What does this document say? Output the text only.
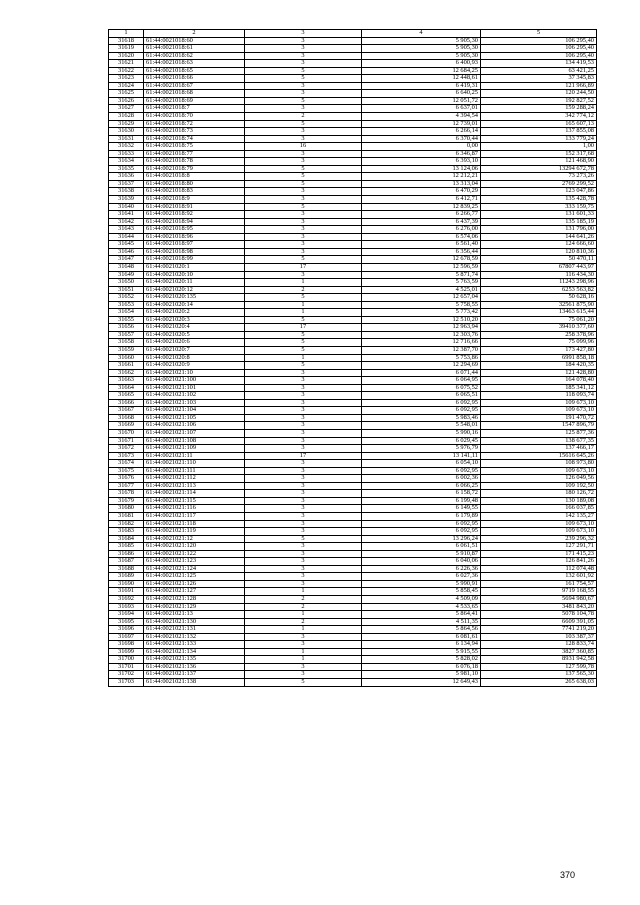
1	2	3	4	5
31618	61:44:0021018:60	3	5 905,30	106 295,40
31619	61:44:0021018:61	3	5 905,30	106 295,40
31620	61:44:0021018:62	3	5 905,30	106 295,40
31621	61:44:0021018:63	3	6 400,93	134 419,53
31622	61:44:0021018:65	5	12 684,25	63 421,25
31623	61:44:0021018:66	5	12 448,61	37 345,83
31624	61:44:0021018:67	3	6 419,31	121 966,89
31625	61:44:0021018:68	3	6 640,25	120 244,50
31626	61:44:0021018:69	5	12 051,72	192 827,52
31627	61:44:0021018:7	3	6 637,01	159 288,24
31628	61:44:0021018:70	2	4 394,54	342 774,12
31629	61:44:0021018:72	5	12 739,01	165 607,13
31630	61:44:0021018:73	3	6 266,14	137 855,08
31631	61:44:0021018:74	3	6 370,44	133 779,24
31632	61:44:0021018:75	16	0,00	1,00
31633	61:44:0021018:77	3	6 346,87	152 317,68
31634	61:44:0021018:78	3	6 393,10	121 468,90
31635	61:44:0021018:79	5	13 124,06	13294 672,78
31636	61:44:0021018:8	5	12 212,21	73 273,26
31637	61:44:0021018:80	5	13 313,04	2769 299,52
31638	61:44:0021018:83	3	6 470,29	123 047,86
31639	61:44:0021018:9	3	6 412,71	135 428,78
31640	61:44:0021018:91	5	12 839,25	333 159,75
31641	61:44:0021018:92	3	6 266,77	131 601,33
31642	61:44:0021018:94	3	6 437,39	135 185,19
31643	61:44:0021018:95	3	6 276,00	131 796,00
31644	61:44:0021018:96	3	6 574,06	144 641,26
31645	61:44:0021018:97	3	6 561,40	124 666,60
31646	61:44:0021018:98	3	6 356,44	120 810,36
31647	61:44:0021018:99	5	12 678,59	50 470,11
31648	61:44:0021020:1	17	12 596,59	67807 443,97
31649	61:44:0021020:10	3	5 871,74	116 434,30
31650	61:44:0021020:11	1	5 763,59	11243 298,96
31651	61:44:0021020:12	2	4 525,01	6253 563,82
31652	61:44:0021020:135	5	12 657,04	50 628,16
31653	61:44:0021020:14	1	5 758,55	32561 875,90
31654	61:44:0021020:2	1	5 773,42	13463 615,44
31655	61:44:0021020:3	5	12 510,20	75 061,20
31656	61:44:0021020:4	17	12 963,94	39410 377,60
31657	61:44:0021020:5	5	12 303,76	258 378,96
31658	61:44:0021020:6	5	12 716,66	75 099,96
31659	61:44:0021020:7	5	12 387,70	173 427,80
31660	61:44:0021020:8	1	5 753,86	6991 858,18
31661	61:44:0021020:9	5	12 294,69	184 420,35
31662	61:44:0021021:10	3	6 071,44	121 428,80
31663	61:44:0021021:100	3	6 064,95	164 078,40
31664	61:44:0021021:101	3	6 075,52	185 341,12
31665	61:44:0021021:102	3	6 065,51	118 093,74
31666	61:44:0021021:103	3	6 092,95	109 673,10
31667	61:44:0021021:104	3	6 092,95	109 673,10
31668	61:44:0021021:105	3	5 983,46	191 470,72
31669	61:44:0021021:106	3	5 548,01	1547 896,79
31670	61:44:0021021:107	3	5 990,16	125 877,36
31671	61:44:0021021:108	3	6 029,45	138 677,35
31672	61:44:0021021:109	3	5 976,79	137 466,17
31673	61:44:0021021:11	17	13 141,11	15616 645,26
31674	61:44:0021021:110	3	6 054,10	108 973,80
31675	61:44:0021021:111	3	6 092,95	109 673,10
31676	61:44:0021021:112	3	6 002,36	126 049,56
31677	61:44:0021021:113	3	6 066,25	109 192,50
31678	61:44:0021021:114	3	6 158,72	180 126,72
31679	61:44:0021021:115	3	6 199,48	130 189,08
31680	61:44:0021021:116	3	6 149,55	166 037,85
31681	61:44:0021021:117	3	6 179,89	142 135,27
31682	61:44:0021021:118	3	6 092,95	109 673,10
31683	61:44:0021021:119	3	6 092,95	109 673,10
31684	61:44:0021021:12	5	13 296,24	239 296,32
31685	61:44:0021021:120	3	6 061,51	127 291,71
31686	61:44:0021021:122	3	5 910,87	171 415,23
31687	61:44:0021021:123	3	6 040,06	126 841,26
31688	61:44:0021021:124	3	6 226,36	112 074,48
31689	61:44:0021021:125	3	6 027,36	132 601,92
31690	61:44:0021021:126	3	5 990,91	161 754,57
31691	61:44:0021021:127	1	5 858,45	9719 168,55
31692	61:44:0021021:128	2	4 509,09	5694 980,67
31693	61:44:0021021:129	2	4 533,65	3481 843,20
31694	61:44:0021021:13	1	5 864,41	5078 104,78
31695	61:44:0021021:130	2	4 511,35	6609 391,05
31696	61:44:0021021:131	1	5 864,56	7741 219,20
31697	61:44:0021021:132	3	6 081,61	103 387,37
31698	61:44:0021021:133	3	6 134,94	128 833,74
31699	61:44:0021021:134	1	5 915,55	3827 360,85
31700	61:44:0021021:135	1	5 828,02	8931 942,58
31701	61:44:0021021:136	3	6 076,18	127 599,78
31702	61:44:0021021:137	3	5 981,10	137 565,30
31703	61:44:0021021:138	5	12 649,43	265 638,03
370
